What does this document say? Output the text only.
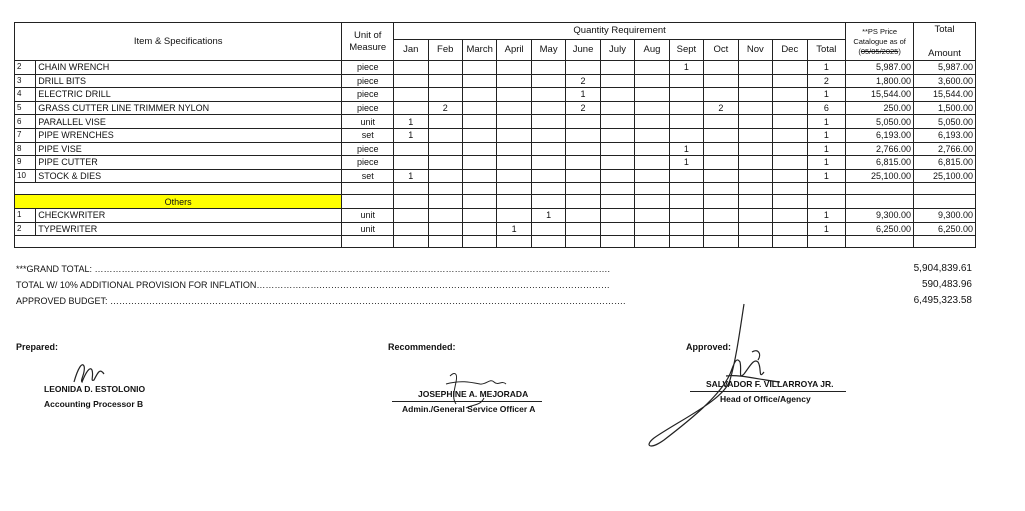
Item & Specifications		Unit of
Measure	Quantity Requirement													**PS Price
Catalogue as of
(05/05/2025)	Total

Amount
			Jan	Feb	March	April	May	June	July	Aug	Sept	Oct	Nov	Dec	Total		
2	CHAIN WRENCH	piece									1				1	5,987.00	5,987.00
3	DRILL BITS	piece						2							2	1,800.00	3,600.00
4	ELECTRIC DRILL	piece						1							1	15,544.00	15,544.00
5	GRASS CUTTER LINE TRIMMER NYLON	piece		2				2				2			6	250.00	1,500.00
6	PARALLEL VISE	unit	1												1	5,050.00	5,050.00
7	PIPE WRENCHES	set	1												1	6,193.00	6,193.00
8	PIPE VISE	piece									1				1	2,766.00	2,766.00
9	PIPE CUTTER	piece									1				1	6,815.00	6,815.00
10	STOCK & DIES	set	1												1	25,100.00	25,100.00

Others																	
1	CHECKWRITER	unit					1								1	9,300.00	9,300.00
2	TYPEWRITER	unit				1									1	6,250.00	6,250.00

***GRAND TOTAL: ……………………………………………………………………………………………………………………………………………………….	5,904,839.61
TOTAL W/ 10% ADDITIONAL PROVISION FOR INFLATION………………….……………………………………………………………………………………	590,483.96
APPROVED BUDGET: ……………………………………………………………………………………………………………………………………………………….	6,495,323.58
Prepared:
LEONIDA D. ESTOLONIO
Accounting Processor B
Recommended:
JOSEPHINE A. MEJORADA
Admin./General Service Officer A
Approved:
SALVADOR F. VILLARROYA JR.
Head of Office/Agency
